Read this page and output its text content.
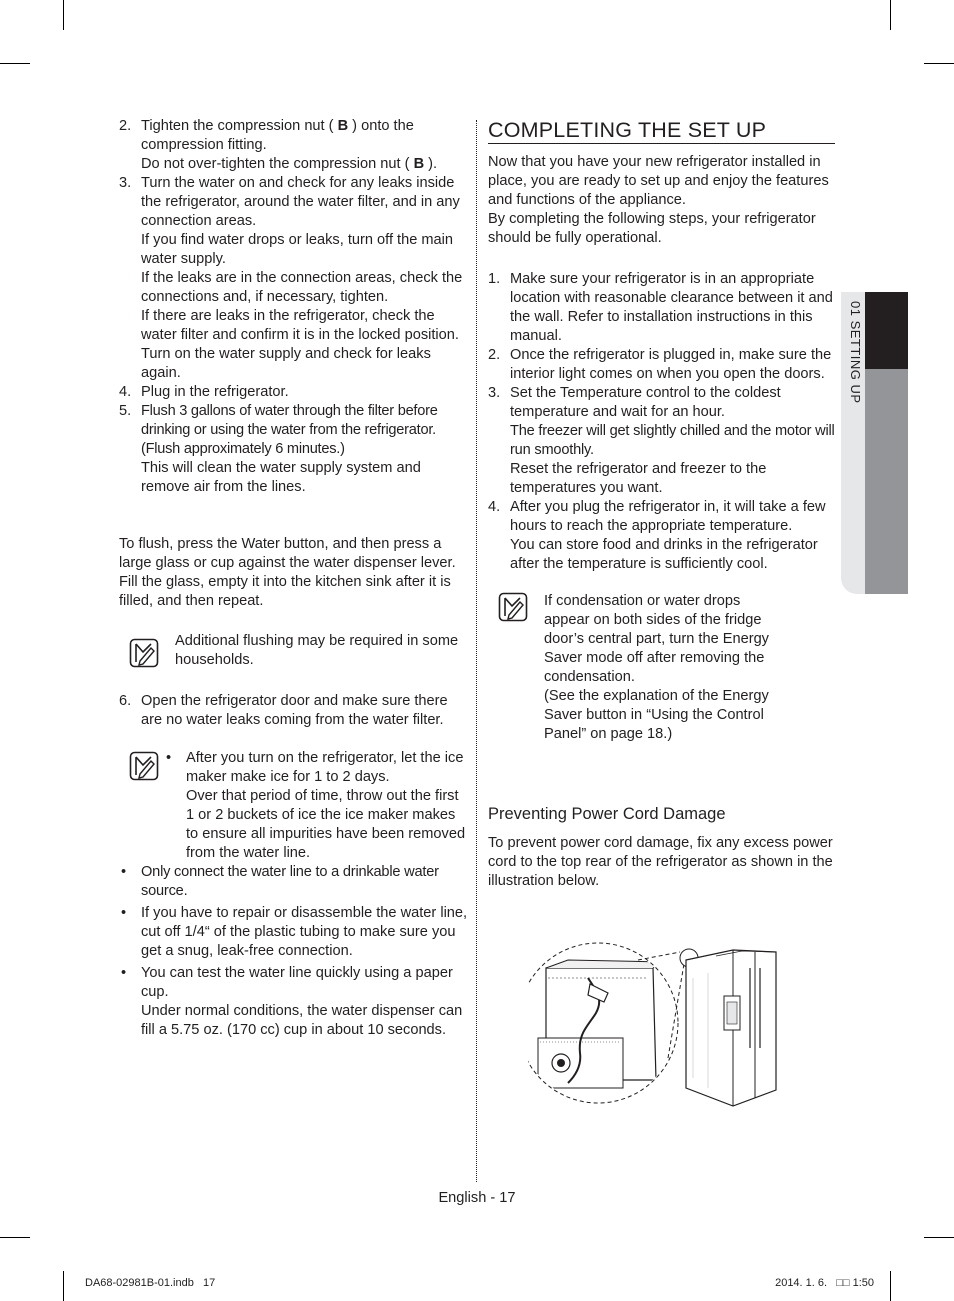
2. Tighten the compression nut ( B ) onto the compression fitting.
Do not over-tighten the compression nut ( B ).
3. Turn the water on and check for any leaks inside the refrigerator, around the water filter, and in any connection areas.
If you find water drops or leaks, turn off the main water supply.
If the leaks are in the connection areas, check the connections and, if necessary, tighten.
If there are leaks in the refrigerator, check the water filter and confirm it is in the locked position.
Turn on the water supply and check for leaks again.
4. Plug in the refrigerator.
5. Flush 3 gallons of water through the filter before drinking or using the water from the refrigerator. (Flush approximately 6 minutes.)
This will clean the water supply system and remove air from the lines.
To flush, press the Water button, and then press a large glass or cup against the water dispenser lever. Fill the glass, empty it into the kitchen sink after it is filled, and then repeat.
Additional flushing may be required in some households.
6. Open the refrigerator door and make sure there are no water leaks coming from the water filter.
• After you turn on the refrigerator, let the ice maker make ice for 1 to 2 days.
Over that period of time, throw out the first 1 or 2 buckets of ice the ice maker makes to ensure all impurities have been removed from the water line.
• Only connect the water line to a drinkable water source.
• If you have to repair or disassemble the water line, cut off 1/4“ of the plastic tubing to make sure you get a snug, leak-free connection.
• You can test the water line quickly using a paper cup.
Under normal conditions, the water dispenser can fill a 5.75 oz. (170 cc) cup in about 10 seconds.
COMPLETING THE SET UP
Now that you have your new refrigerator installed in place, you are ready to set up and enjoy the features and functions of the appliance.
By completing the following steps, your refrigerator should be fully operational.
1. Make sure your refrigerator is in an appropriate location with reasonable clearance between it and the wall. Refer to installation instructions in this manual.
2. Once the refrigerator is plugged in, make sure the interior light comes on when you open the doors.
3. Set the Temperature control to the coldest temperature and wait for an hour.
The freezer will get slightly chilled and the motor will run smoothly.
Reset the refrigerator and freezer to the temperatures you want.
4. After you plug the refrigerator in, it will take a few hours to reach the appropriate temperature.
You can store food and drinks in the refrigerator after the temperature is sufficiently cool.
If condensation or water drops appear on both sides of the fridge door’s central part, turn the Energy Saver mode off after removing the condensation.
(See the explanation of the Energy Saver button in “Using the Control Panel” on page 18.)
Preventing Power Cord Damage
To prevent power cord damage, fix any excess power cord to the top rear of the refrigerator as shown in the illustration below.
01 SETTING UP
English - 17
DA68-02981B-01.indb   17	2014. 1. 6.   □□ 1:50
